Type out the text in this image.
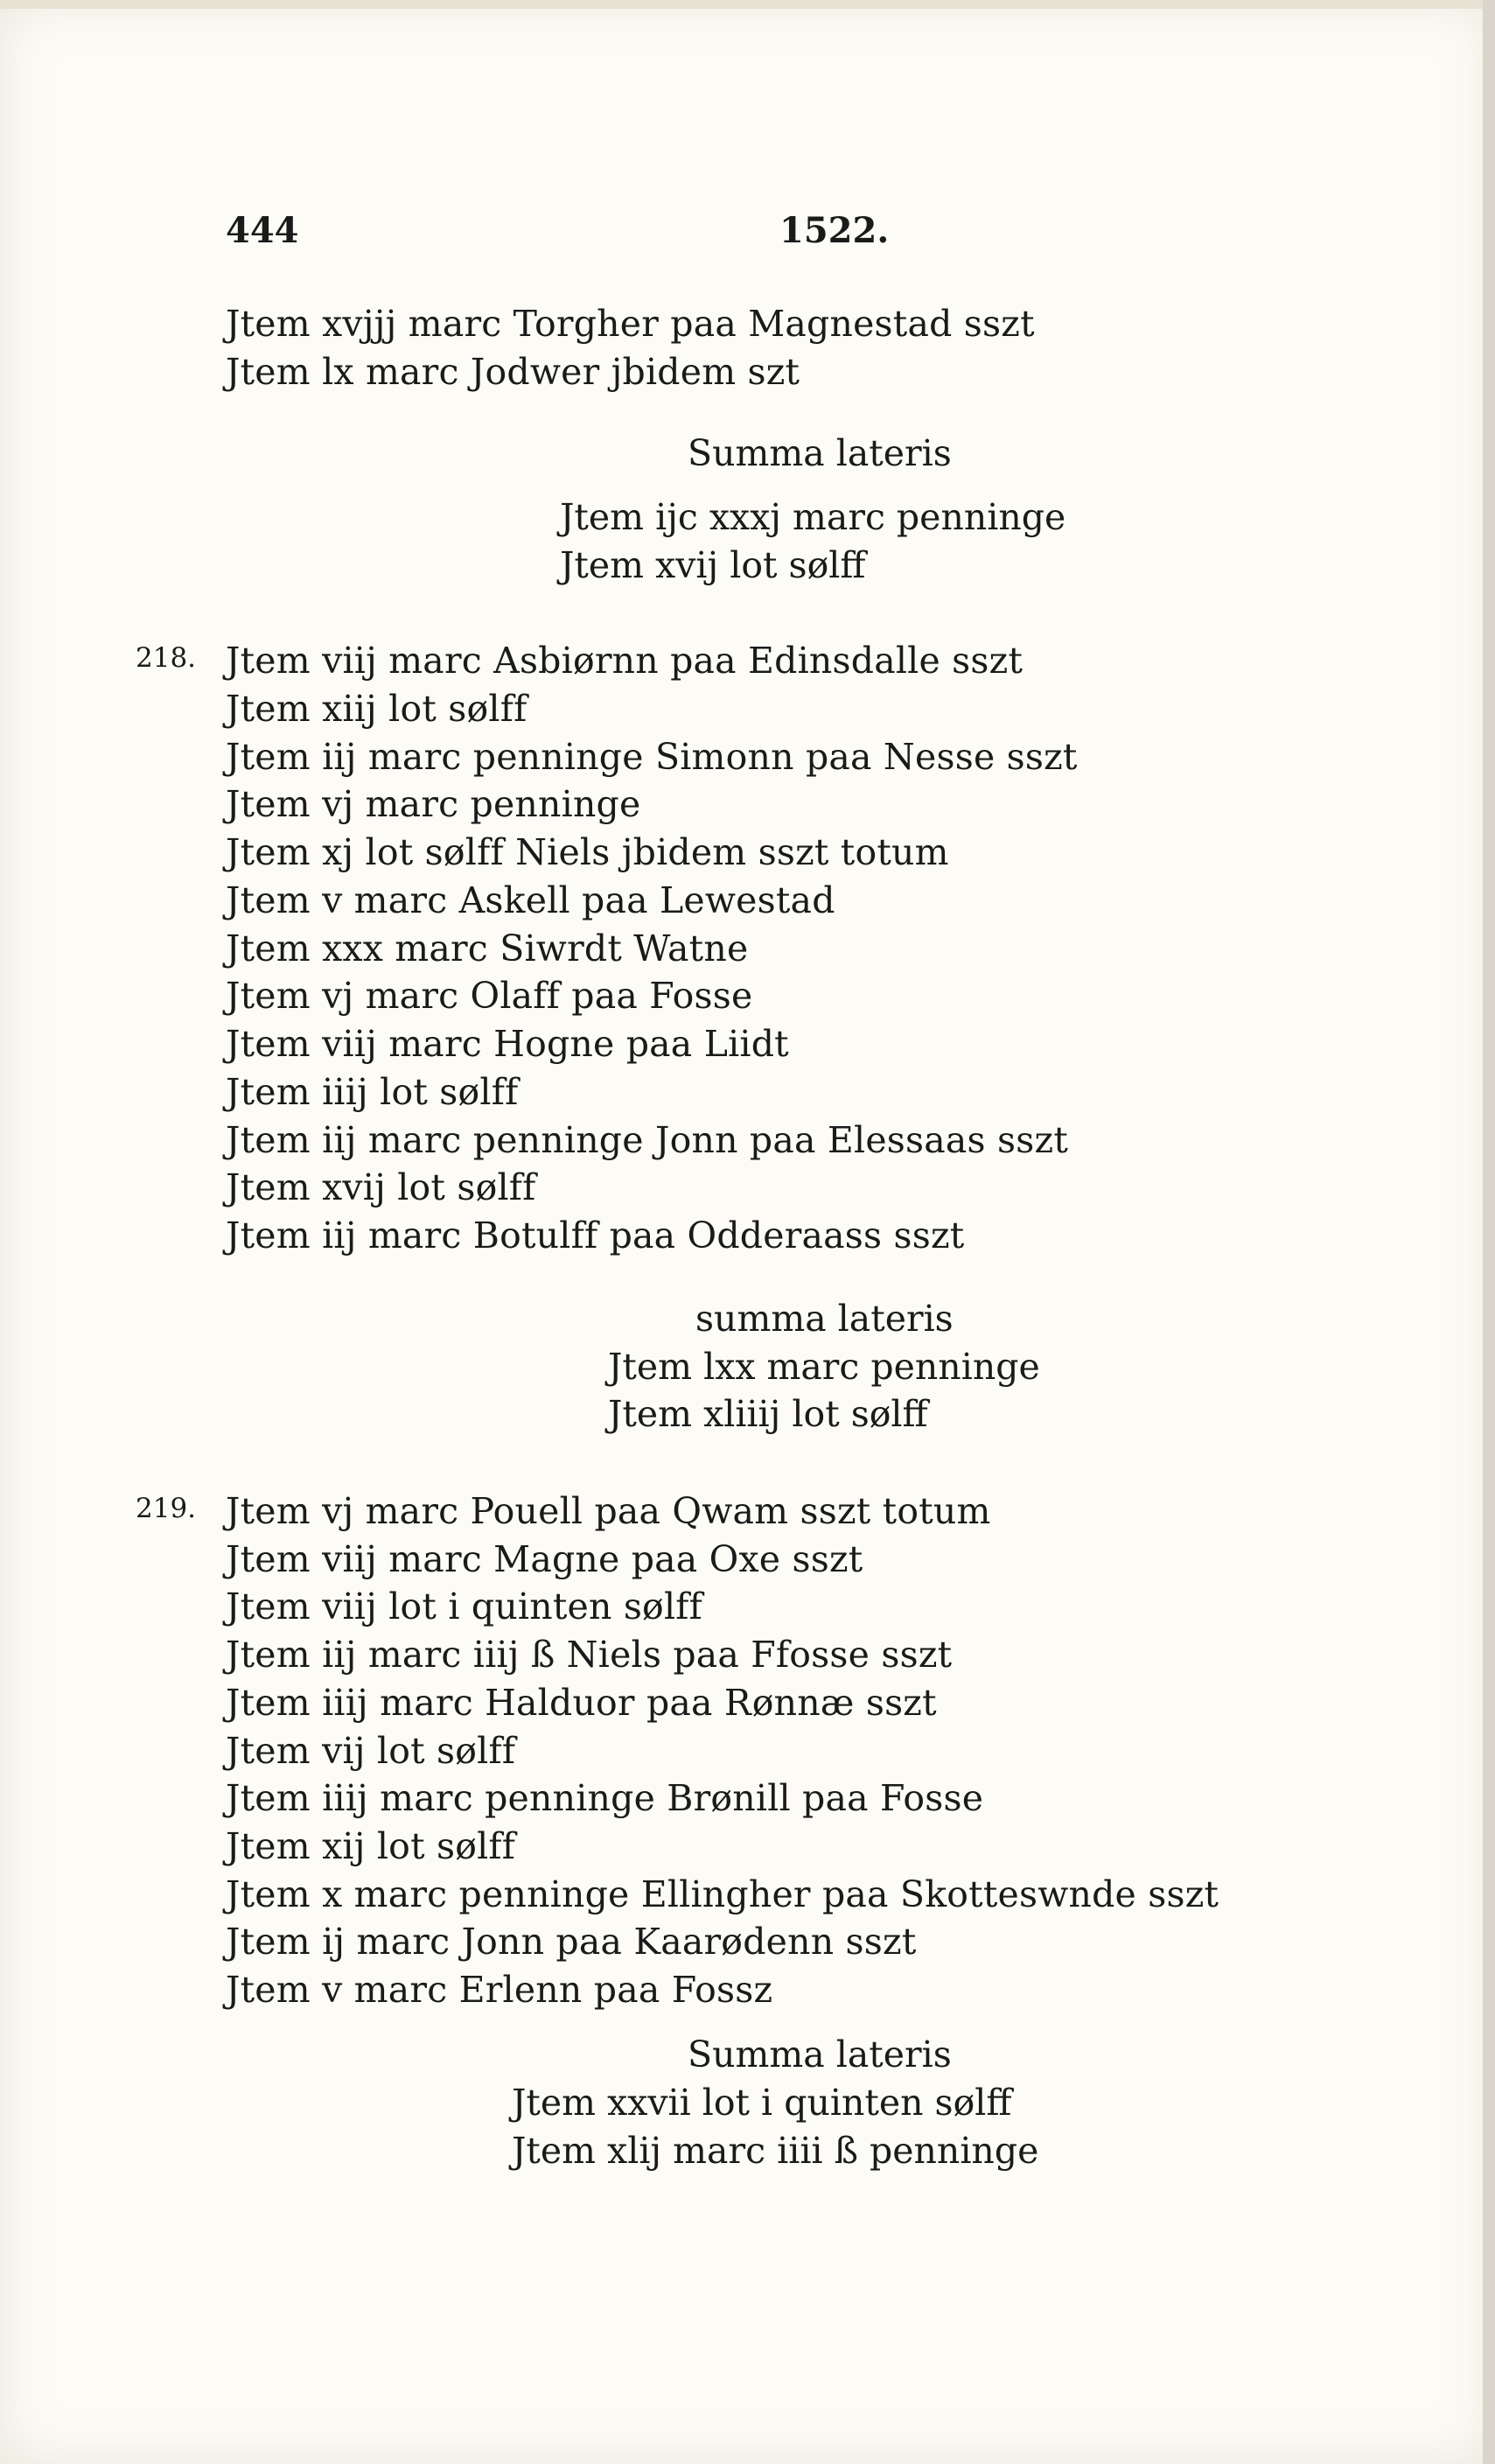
444	1522.
Jtem xvjjj marc Torgher paa Magnestad sszt
Jtem lx marc Jodwer jbidem szt
Summa lateris
Jtem ijc xxxj marc penninge
Jtem xvij lot sølff
218. Jtem viij marc Asbiørnn paa Edinsdalle sszt
Jtem xiij lot sølff
Jtem iij marc penninge Simonn paa Nesse sszt
Jtem vj marc penninge
Jtem xj lot sølff Niels jbidem sszt totum
Jtem v marc Askell paa Lewestad
Jtem xxx marc Siwrdt Watne
Jtem vj marc Olaff paa Fosse
Jtem viij marc Hogne paa Liidt
Jtem iiij lot sølff
Jtem iij marc penninge Jonn paa Elessaas sszt
Jtem xvij lot sølff
Jtem iij marc Botulff paa Odderaass sszt
summa lateris
Jtem lxx marc penninge
Jtem xliiij lot sølff
219. Jtem vj marc Pouell paa Qwam sszt totum
Jtem viij marc Magne paa Oxe sszt
Jtem viij lot i quinten sølff
Jtem iij marc iiij ß Niels paa Ffosse sszt
Jtem iiij marc Halduor paa Rønnæ sszt
Jtem vij lot sølff
Jtem iiij marc penninge Brønill paa Fosse
Jtem xij lot sølff
Jtem x marc penninge Ellingher paa Skotteswnde sszt
Jtem ij marc Jonn paa Kaarødenn sszt
Jtem v marc Erlenn paa Fossz
Summa lateris
Jtem xxvii lot i quinten sølff
Jtem xlij marc iiii ß penninge
